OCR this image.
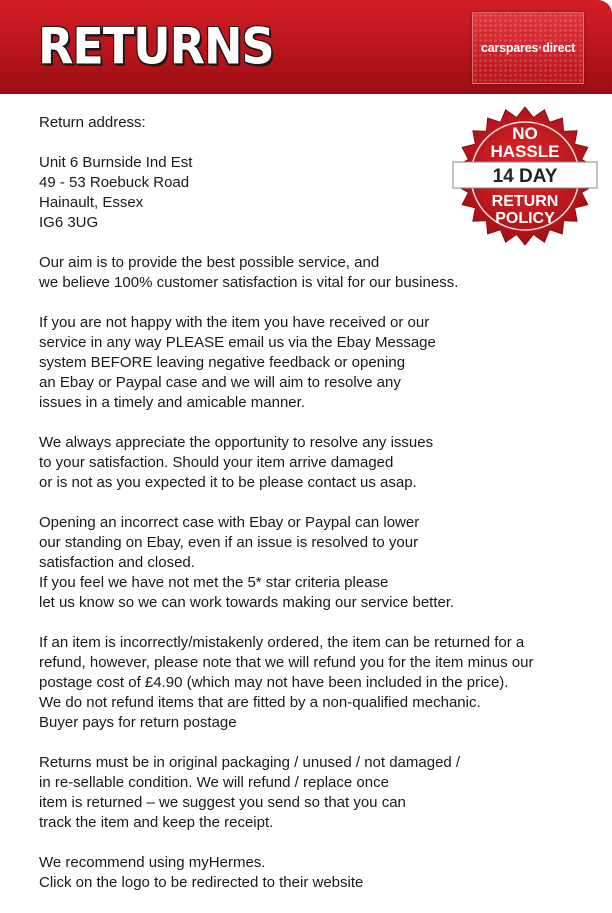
RETURNS	carspares·direct
NO
HASSLE
14 DAY
RETURN
POLICY

Return address:

Unit 6 Burnside Ind Est
49 - 53 Roebuck Road
Hainault, Essex
IG6 3UG

Our aim is to provide the best possible service, and
we believe 100% customer satisfaction is vital for our business.

If you are not happy with the item you have received or our
service in any way PLEASE email us via the Ebay Message
system BEFORE leaving negative feedback or opening
an Ebay or Paypal case and we will aim to resolve any
issues in a timely and amicable manner.

We always appreciate the opportunity to resolve any issues
to your satisfaction. Should your item arrive damaged
or is not as you expected it to be please contact us asap.

Opening an incorrect case with Ebay or Paypal can lower
our standing on Ebay, even if an issue is resolved to your
satisfaction and closed.
If you feel we have not met the 5* star criteria please
let us know so we can work towards making our service better.

If an item is incorrectly/mistakenly ordered, the item can be returned for a
refund, however, please note that we will refund you for the item minus our
postage cost of £4.90 (which may not have been included in the price).
We do not refund items that are fitted by a non-qualified mechanic.
Buyer pays for return postage

Returns must be in original packaging / unused / not damaged /
in re-sellable condition. We will refund / replace once
item is returned – we suggest you send so that you can
track the item and keep the receipt.

We recommend using myHermes.
Click on the logo to be redirected to their website
